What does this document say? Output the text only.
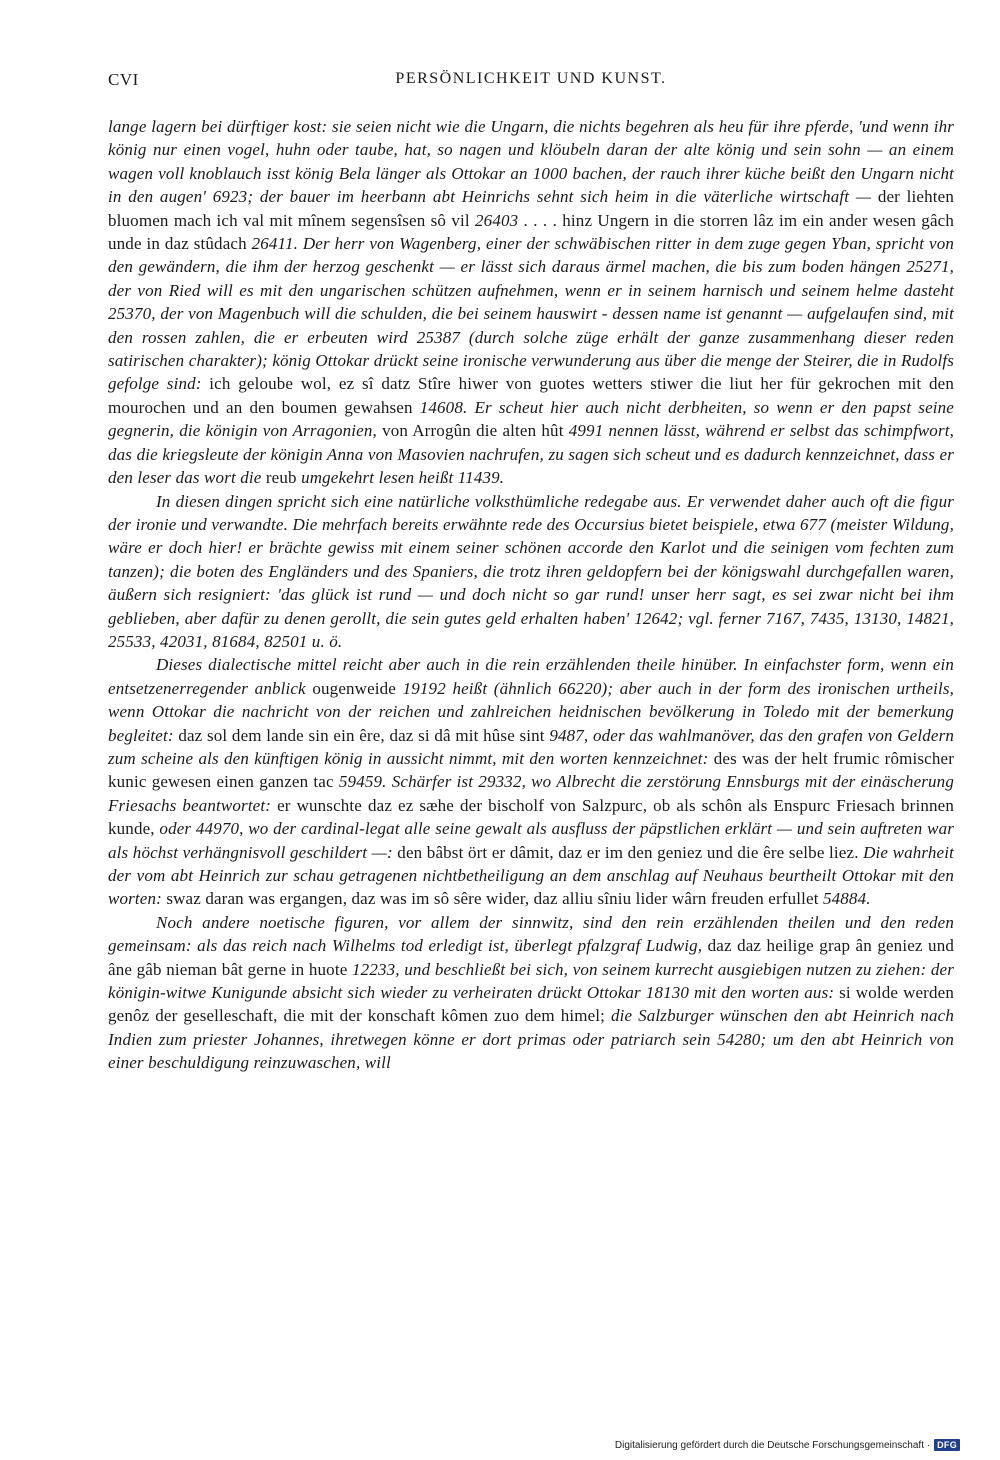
CVI	PERSÖNLICHKEIT UND KUNST.

lange lagern bei dürftiger kost: sie seien nicht wie die Ungarn, die nichts begehren als heu für ihre pferde, 'und wenn ihr könig nur einen vogel, huhn oder taube, hat, so nagen und klöubeln daran der alte könig und sein sohn — an einem wagen voll knoblauch isst könig Bela länger als Ottokar an 1000 bachen, der rauch ihrer küche beißt den Ungarn nicht in den augen' 6923; der bauer im heerbann abt Heinrichs sehnt sich heim in die väterliche wirtschaft — der liehten bluomen mach ich val mit mînem segensîsen sô vil 26403 . . . . hinz Ungern in die storren lâz im ein ander wesen gâch unde in daz stûdach 26411. Der herr von Wagenberg, einer der schwäbischen ritter in dem zuge gegen Yban, spricht von den gewändern, die ihm der herzog geschenkt — er lässt sich daraus ärmel machen, die bis zum boden hängen 25271, der von Ried will es mit den ungarischen schützen aufnehmen, wenn er in seinem harnisch und seinem helme dasteht 25370, der von Magenbuch will die schulden, die bei seinem hauswirt - dessen name ist genannt — aufgelaufen sind, mit den rossen zahlen, die er erbeuten wird 25387 (durch solche züge erhält der ganze zusammenhang dieser reden satirischen charakter); könig Ottokar drückt seine ironische verwunderung aus über die menge der Steirer, die in Rudolfs gefolge sind: ich geloube wol, ez sî datz Stîre hiwer von guotes wetters stiwer die liut her für gekrochen mit den mourochen und an den boumen gewahsen 14608. Er scheut hier auch nicht derbheiten, so wenn er den papst seine gegnerin, die königin von Arragonien, von Arrogûn die alten hût 4991 nennen lässt, während er selbst das schimpfwort, das die kriegsleute der königin Anna von Masovien nachrufen, zu sagen sich scheut und es dadurch kennzeichnet, dass er den leser das wort die reub umgekehrt lesen heißt 11439.

In diesen dingen spricht sich eine natürliche volksthümliche redegabe aus. Er verwendet daher auch oft die figur der ironie und verwandte. Die mehrfach bereits erwähnte rede des Occursius bietet beispiele, etwa 677 (meister Wildung, wäre er doch hier! er brächte gewiss mit einem seiner schönen accorde den Karlot und die seinigen vom fechten zum tanzen); die boten des Engländers und des Spaniers, die trotz ihren geldopfern bei der königswahl durchgefallen waren, äußern sich resigniert: 'das glück ist rund — und doch nicht so gar rund! unser herr sagt, es sei zwar nicht bei ihm geblieben, aber dafür zu denen gerollt, die sein gutes geld erhalten haben' 12642; vgl. ferner 7167, 7435, 13130, 14821, 25533, 42031, 81684, 82501 u. ö.

Dieses dialectische mittel reicht aber auch in die rein erzählenden theile hinüber. In einfachster form, wenn ein entsetzenerregender anblick ougenweide 19192 heißt (ähnlich 66220); aber auch in der form des ironischen urtheils, wenn Ottokar die nachricht von der reichen und zahlreichen heidnischen bevölkerung in Toledo mit der bemerkung begleitet: daz sol dem lande sin ein êre, daz si dâ mit hûse sint 9487, oder das wahlmanöver, das den grafen von Geldern zum scheine als den künftigen könig in aussicht nimmt, mit den worten kennzeichnet: des was der helt frumic rômischer kunic gewesen einen ganzen tac 59459. Schärfer ist 29332, wo Albrecht die zerstörung Ennsburgs mit der einäscherung Friesachs beantwortet: er wunschte daz ez sæhe der bischolf von Salzpurc, ob als schôn als Enspurc Friesach brinnen kunde, oder 44970, wo der cardinal-legat alle seine gewalt als ausfluss der päpstlichen erklärt — und sein auftreten war als höchst verhängnisvoll geschildert —: den bâbst ört er dâmit, daz er im den geniez und die êre selbe liez. Die wahrheit der vom abt Heinrich zur schau getragenen nichtbetheiligung an dem anschlag auf Neuhaus beurtheilt Ottokar mit den worten: swaz daran was ergangen, daz was im sô sêre wider, daz alliu sîniu lider wârn freuden erfullet 54884.

Noch andere noetische figuren, vor allem der sinnwitz, sind den rein erzählenden theilen und den reden gemeinsam: als das reich nach Wilhelms tod erledigt ist, überlegt pfalzgraf Ludwig, daz daz heilige grap ân geniez und âne gâb nieman bât gerne in huote 12233, und beschließt bei sich, von seinem kurrecht ausgiebigen nutzen zu ziehen: der königin-witwe Kunigunde absicht sich wieder zu verheiraten drückt Ottokar 18130 mit den worten aus: si wolde werden genôz der geselleschaft, die mit der konschaft kômen zuo dem himel; die Salzburger wünschen den abt Heinrich nach Indien zum priester Johannes, ihretwegen könne er dort primas oder patriarch sein 54280; um den abt Heinrich von einer beschuldigung reinzuwaschen, will

Digitalisierung gefördert durch die Deutsche Forschungsgemeinschaft · DFG
